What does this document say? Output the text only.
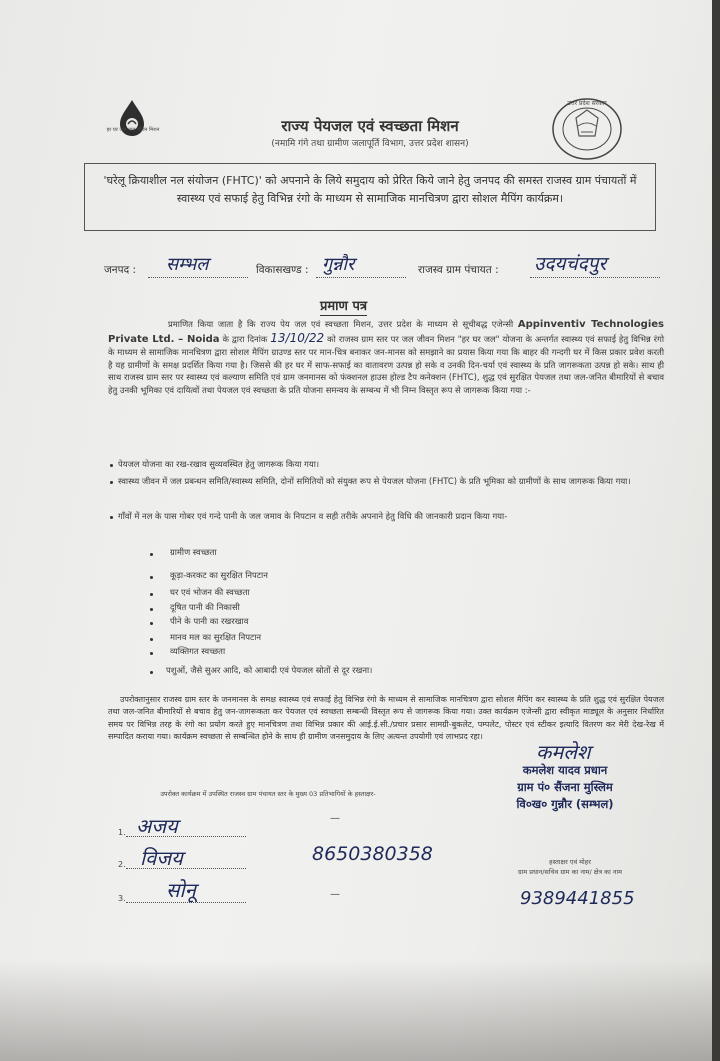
हर घर जल जल जीवन मिशन	राज्य पेयजल एवं स्वच्छता मिशन
(नमामि गंगे तथा ग्रामीण जलापूर्ति विभाग, उत्तर प्रदेश शासन)
उत्तर प्रदेश सरकार
'घरेलू क्रियाशील नल संयोजन (FHTC)' को अपनाने के लिये समुदाय को प्रेरित किये जाने हेतु जनपद की समस्त राजस्व ग्राम पंचायतों में स्वास्थ्य एवं सफाई हेतु विभिन्न रंगो के माध्यम से सामाजिक मानचित्रण द्वारा सोशल मैपिंग कार्यक्रम।
जनपद : सम्भल	विकासखण्ड : गुन्नौर	राजस्व ग्राम पंचायत : उदयचंदपुर
प्रमाण पत्र
प्रमाणित किया जाता है कि राज्य पेय जल एवं स्वच्छता मिशन, उत्तर प्रदेश के माध्यम से सूचीबद्ध एजेन्सी Appinventiv Technologies Private Ltd. – Noida के द्वारा दिनांक 13/10/22 को राजस्व ग्राम स्तर पर जल जीवन मिशन "हर घर जल" योजना के अन्तर्गत स्वास्थ्य एवं सफाई हेतु विभिन्न रंगो के माध्यम से सामाजिक मानचित्रण द्वारा सोशल मैपिंग ग्राउण्ड स्तर पर मान-चित्र बनाकर जन-मानस को समझाने का प्रयास किया गया कि बाहर की गन्दगी घर में किस प्रकार प्रवेश करती है यह ग्रामीणों के समक्ष प्रदर्शित किया गया है। जिससे की हर घर में साफ-सफाई का वातावरण उत्पन्न हो सके व उनकी दिन-चर्या एवं स्वास्थ्य के प्रति जागरूकता उत्पन्न हो सके। साथ ही साथ राजस्व ग्राम स्तर पर स्वास्थ्य एवं कल्याण समिति एवं ग्राम जनमानस को फंक्शनल हाउस होल्ड टैप कनेक्शन (FHTC), शुद्ध एवं सुरक्षित पेयजल तथा जल-जनित बीमारियों से बचाव हेतु उनकी भूमिका एवं दायित्वों तथा पेयजल एवं स्वच्छता के प्रति योजना समन्वय के सम्बन्ध में भी निम्न विस्तृत रूप से जागरूक किया गया :-
पेयजल योजना का रख-रखाव सुव्यवस्थित हेतु जागरूक किया गया।
स्वास्थ्य जीवन में जल प्रबन्धन समिति/स्वास्थ्य समिति, दोनों समितियों को संयुक्त रूप से पेयजल योजना (FHTC) के प्रति भूमिका को ग्रामीणों के साथ जागरूक किया गया।
गाँवों में नल के पास गोबर एवं गन्दे पानी के जल जमाव के निपटान व सही तरीके अपनाने हेतु विधि की जानकारी प्रदान किया गया-
ग्रामीण स्वच्छता
कूड़ा-करकट का सुरक्षित निपटान
घर एवं भोजन की स्वच्छता
दूषित पानी की निकासी
पीने के पानी का रखरखाव
मानव मल का सुरक्षित निपटान
व्यक्तिगत स्वच्छता
पशुओं, जैसे सुअर आदि, को आबादी एवं पेयजल स्रोतों से दूर रखना।
उपरोक्तानुसार राजस्व ग्राम स्तर के जनमानस के समक्ष स्वास्थ्य एवं सफाई हेतु विभिन्न रंगो के माध्यम से सामाजिक मानचित्रण द्वारा सोशल मैपिंग कर स्वास्थ्य के प्रति शुद्ध एवं सुरक्षित पेयजल तथा जल-जनित बीमारियों से बचाव हेतु जन-जागरूकता कर पेयजल एवं स्वच्छता सम्बन्धी विस्तृत रूप से जागरूक किया गया। उक्त कार्यक्रम एजेन्सी द्वारा स्वीकृत माड्यूल के अनुसार निर्धारित समय पर विभिन्न तरह के रंगो का प्रयोग करते हुए मानचित्रण तथा विभिन्न प्रकार की आई.ई.सी./प्रचार प्रसार सामग्री-बुकलेट, पम्पलेट, पोस्टर एवं स्टीकर इत्यादि वितरण कर मेरी देख-रेख में सम्पादित कराया गया। कार्यक्रम स्वच्छता से सम्बन्धित होने के साथ ही ग्रामीण जनसमुदाय के लिए अत्यन्त उपयोगी एवं लाभप्रद रहा।
उपरोक्त कार्यक्रम में उपस्थित राजस्व ग्राम पंचायत स्तर के मुख्य 03 प्रतिभागियों के हस्ताक्षर-
1. अजय	—
2. विजय	8650380358
3. सोनू	—
कमलेश
कमलेश यादव प्रधान
ग्राम पं० सैंजना मुस्लिम
वि०ख० गुन्नौर (सम्भल)
हस्ताक्षर एवं मोहर
ग्राम प्रधान/सचिव ग्राम का नाम/ क्षेत्र का नाम
9389441855
